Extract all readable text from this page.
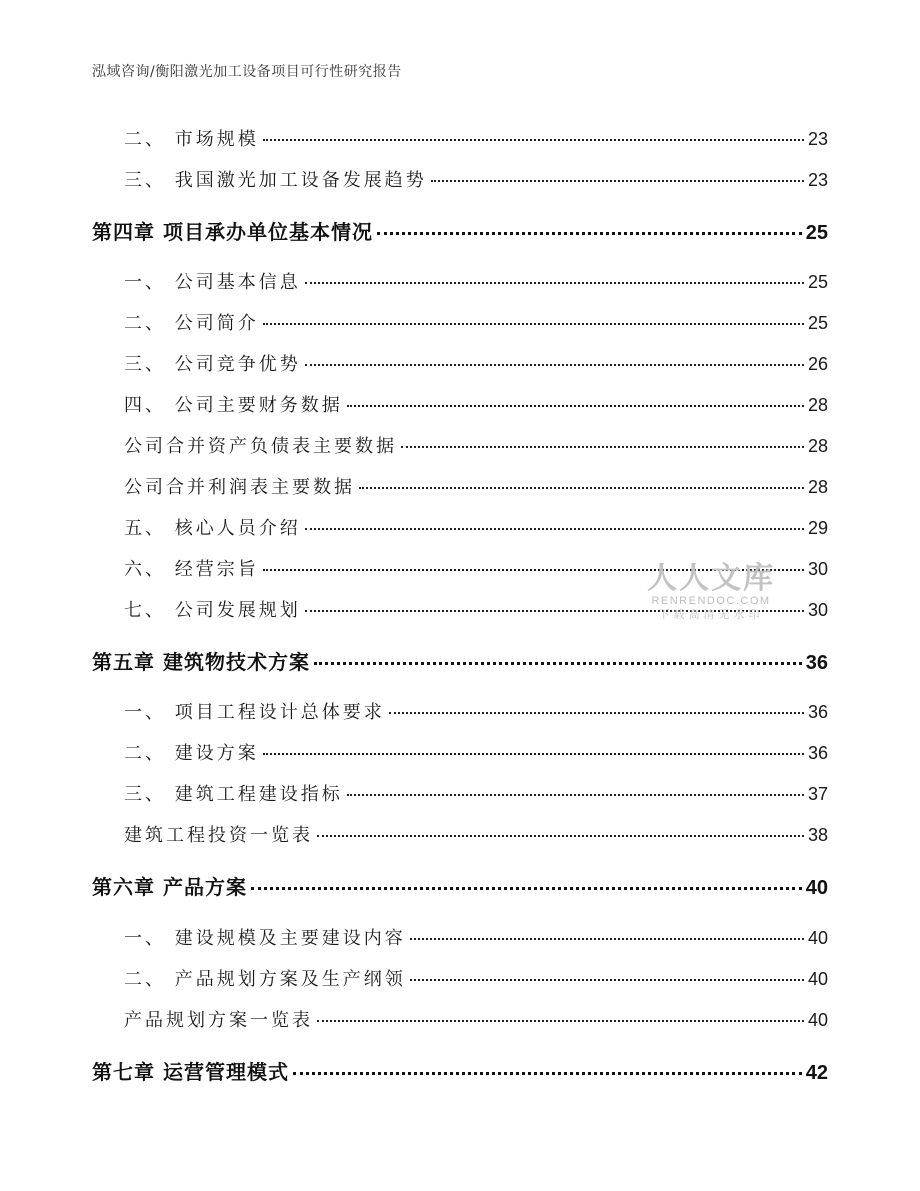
泓域咨询/衡阳激光加工设备项目可行性研究报告
二、 市场规模	23
三、 我国激光加工设备发展趋势	23
第四章 项目承办单位基本情况	25
一、 公司基本信息	25
二、 公司简介	25
三、 公司竞争优势	26
四、 公司主要财务数据	28
公司合并资产负债表主要数据	28
公司合并利润表主要数据	28
五、 核心人员介绍	29
六、 经营宗旨	30
七、 公司发展规划	30
第五章 建筑物技术方案	36
一、 项目工程设计总体要求	36
二、 建设方案	36
三、 建筑工程建设指标	37
建筑工程投资一览表	38
第六章 产品方案	40
一、 建设规模及主要建设内容	40
二、 产品规划方案及生产纲领	40
产品规划方案一览表	40
第七章 运营管理模式	42
人人文库
RENRENDOC.COM
下载高清无水印
